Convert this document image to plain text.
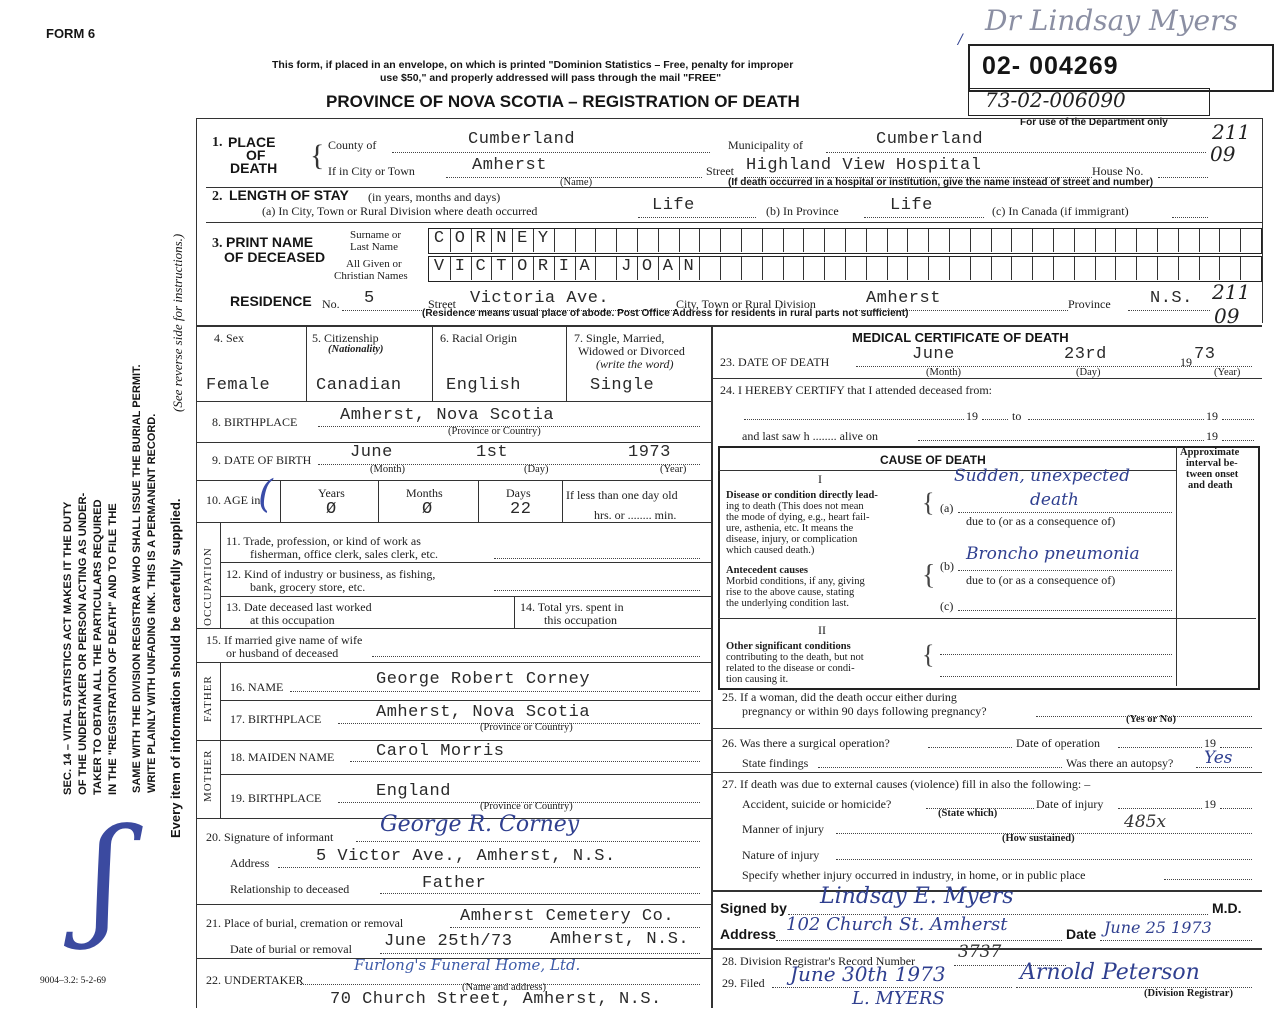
FORM 6
This form, if placed in an envelope, on which is printed "Dominion Statistics – Free, penalty for improper
use $50," and properly addressed will pass through the mail "FREE"
PROVINCE OF NOVA SCOTIA – REGISTRATION OF DEATH
/
Dr Lindsay Myers
02- 004269
73-02-006090
For use of the Department only 211
09
211
09
SEC. 14 – VITAL STATISTICS ACT MAKES IT THE DUTY OF THE UNDERTAKER OR PERSON ACTING AS UNDER- TAKER TO OBTAIN ALL THE PARTICULARS REQUIRED IN THE "REGISTRATION OF DEATH" AND TO FILE THE SAME WITH THE DIVISION REGISTRAR WHO SHALL ISSUE THE BURIAL PERMIT. WRITE PLAINLY WITH UNFADING INK. THIS IS A PERMANENT RECORD. Every item of information should be carefully supplied.
(See reverse side for instructions.)
9004–3.2: 5-2-69
ʃ
1. PLACE
OF
DEATH { County of	Cumberland	Municipality of	Cumberland
If in City or Town	Amherst
(Name)
Street Highland View Hospital	House No.
(If death occurred in a hospital or institution, give the name instead of street and number)
2. LENGTH OF STAY (in years, months and days)
(a) In City, Town or Rural Division where death occurred	Life	(b) In Province	Life	(c) In Canada (if immigrant)
3. PRINT NAME
OF DECEASED
Surname or
Last Name
All Given or
Christian Names
C O R N E Y
V I C T O R I A J O A N
RESIDENCE No. 5	Street Victoria Ave.	City, Town or Rural Division	Amherst	Province N.S.
(Residence means usual place of abode. Post Office Address for residents in rural parts not sufficient)
4. Sex
Female
5. Citizenship
(Nationality)
Canadian
6. Racial Origin
English
7. Single, Married,
Widowed or Divorced
(write the word)
Single
8. BIRTHPLACE	Amherst, Nova Scotia
(Province or Country)
9. DATE OF BIRTH June	1st	1973
(Month)	(Day)	(Year)
10. AGE in
(	Years	Months	Days
Ø	Ø	22
If less than one day old
hrs. or ........ min.
OCCUPATION
11. Trade, profession, or kind of work as
fisherman, office clerk, sales clerk, etc.
12. Kind of industry or business, as fishing,
bank, grocery store, etc.
13. Date deceased last worked
at this occupation
14. Total yrs. spent in
this occupation
15. If married give name of wife
or husband of deceased
FATHER 16. NAME	George Robert Corney
17. BIRTHPLACE	Amherst, Nova Scotia
(Province or Country)
MOTHER 18. MAIDEN NAME Carol Morris
19. BIRTHPLACE	England
(Province or Country)
20. Signature of informant George R. Corney
Address	5 Victor Ave., Amherst, N.S.
Relationship to deceased	Father
21. Place of burial, cremation or removal	Amherst Cemetery Co.
Date of burial or removal June 25th/73 Amherst, N.S.
22. UNDERTAKER
Furlong's Funeral Home, Ltd.
(Name and address)
70 Church Street, Amherst, N.S.
MEDICAL CERTIFICATE OF DEATH
23. DATE OF DEATH	June	23rd	19 73
(Month)	(Day)	(Year)
24. I HEREBY CERTIFY that I attended deceased from:
19	to	19
and last saw h ........ alive on	19
CAUSE OF DEATH
Approximate
interval be-
tween onset
and death
I
Disease or condition directly lead-
ing to death (This does not mean
the mode of dying, e.g., heart fail-
ure, asthenia, etc. It means the
disease, injury, or complication
which caused death.)
{ (a)
Sudden, unexpected
death
due to (or as a consequence of)
Antecedent causes
Morbid conditions, if any, giving
rise to the above cause, stating
the underlying condition last.
{ (b)
Broncho pneumonia
due to (or as a consequence of)
(c)
II
Other significant conditions
contributing to the death, but not
related to the disease or condi-
tion causing it.
{
25. If a woman, did the death occur either during
pregnancy or within 90 days following pregnancy?
(Yes or No)
26. Was there a surgical operation?	Date of operation	19
State findings	Was there an autopsy? Yes
27. If death was due to external causes (violence) fill in also the following: –
Accident, suicide or homicide?	Date of injury	19
(State which)
Manner of injury	485x
(How sustained)
Nature of injury
Specify whether injury occurred in industry, in home, or in public place
Signed by Lindsay E. Myers	M.D.
Address 102 Church St. Amherst	Date June 25 1973
28. Division Registrar's Record Number	3737
29. Filed June 30th 1973	Arnold Peterson
(Division Registrar)
L. MYERS
